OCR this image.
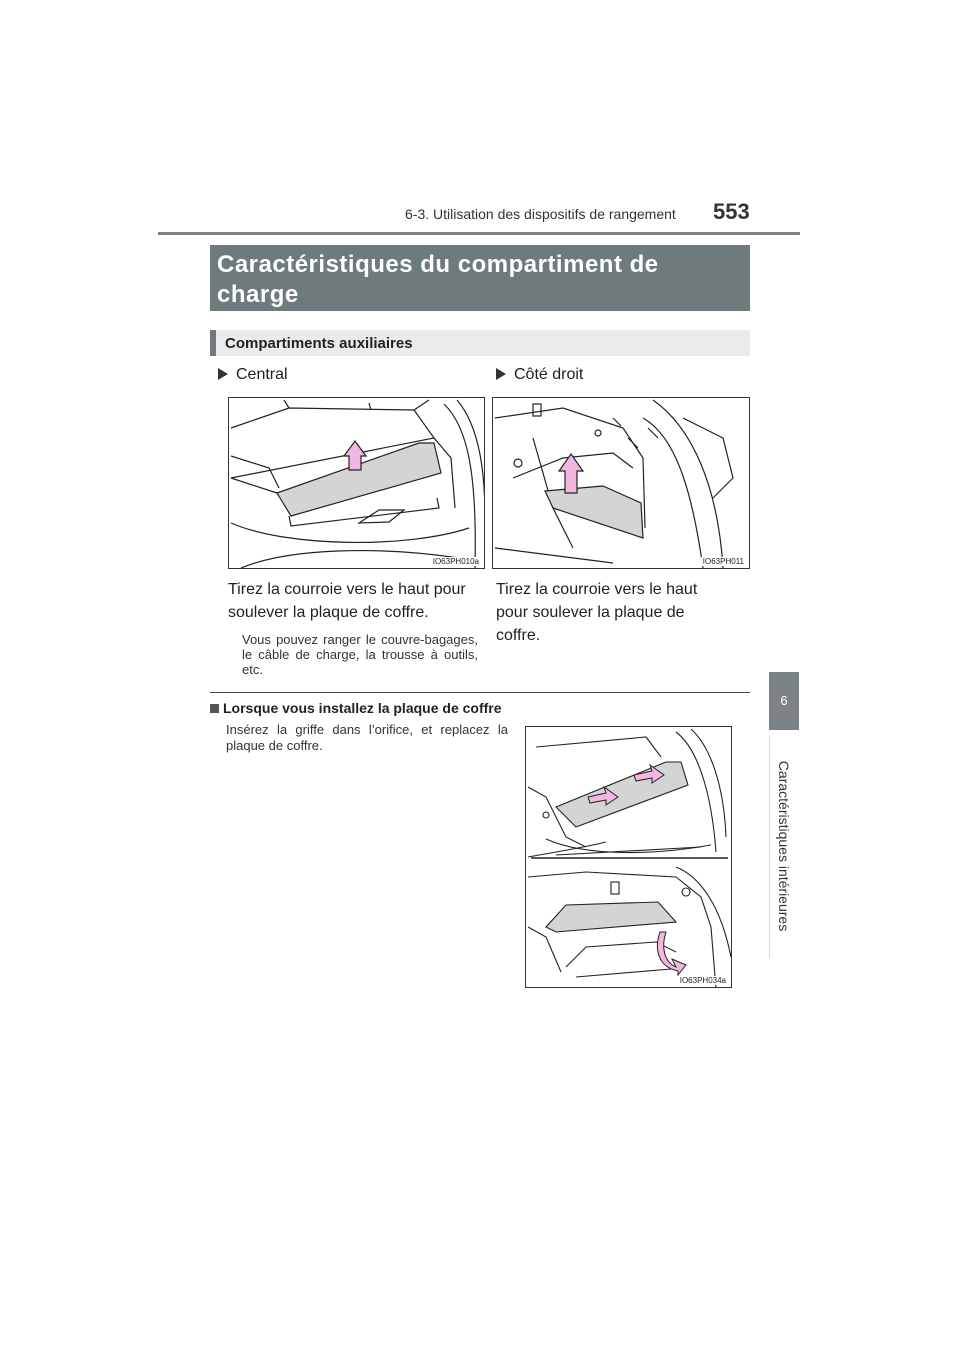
6-3. Utilisation des dispositifs de rangement	553
6
Caractéristiques intérieures
Caractéristiques du compartiment de
charge
Compartiments auxiliaires
Central	Côté droit
IO63PH010a	IO63PH011
Tirez la courroie vers le haut pour
soulever la plaque de coffre.
Vous pouvez ranger le couvre-bagages, le câble de charge, la trousse à outils, etc.
Tirez la courroie vers le haut
pour soulever la plaque de
coffre.
Lorsque vous installez la plaque de coffre
Insérez la griffe dans l’orifice, et replacez la plaque de coffre.
IO63PH034a
